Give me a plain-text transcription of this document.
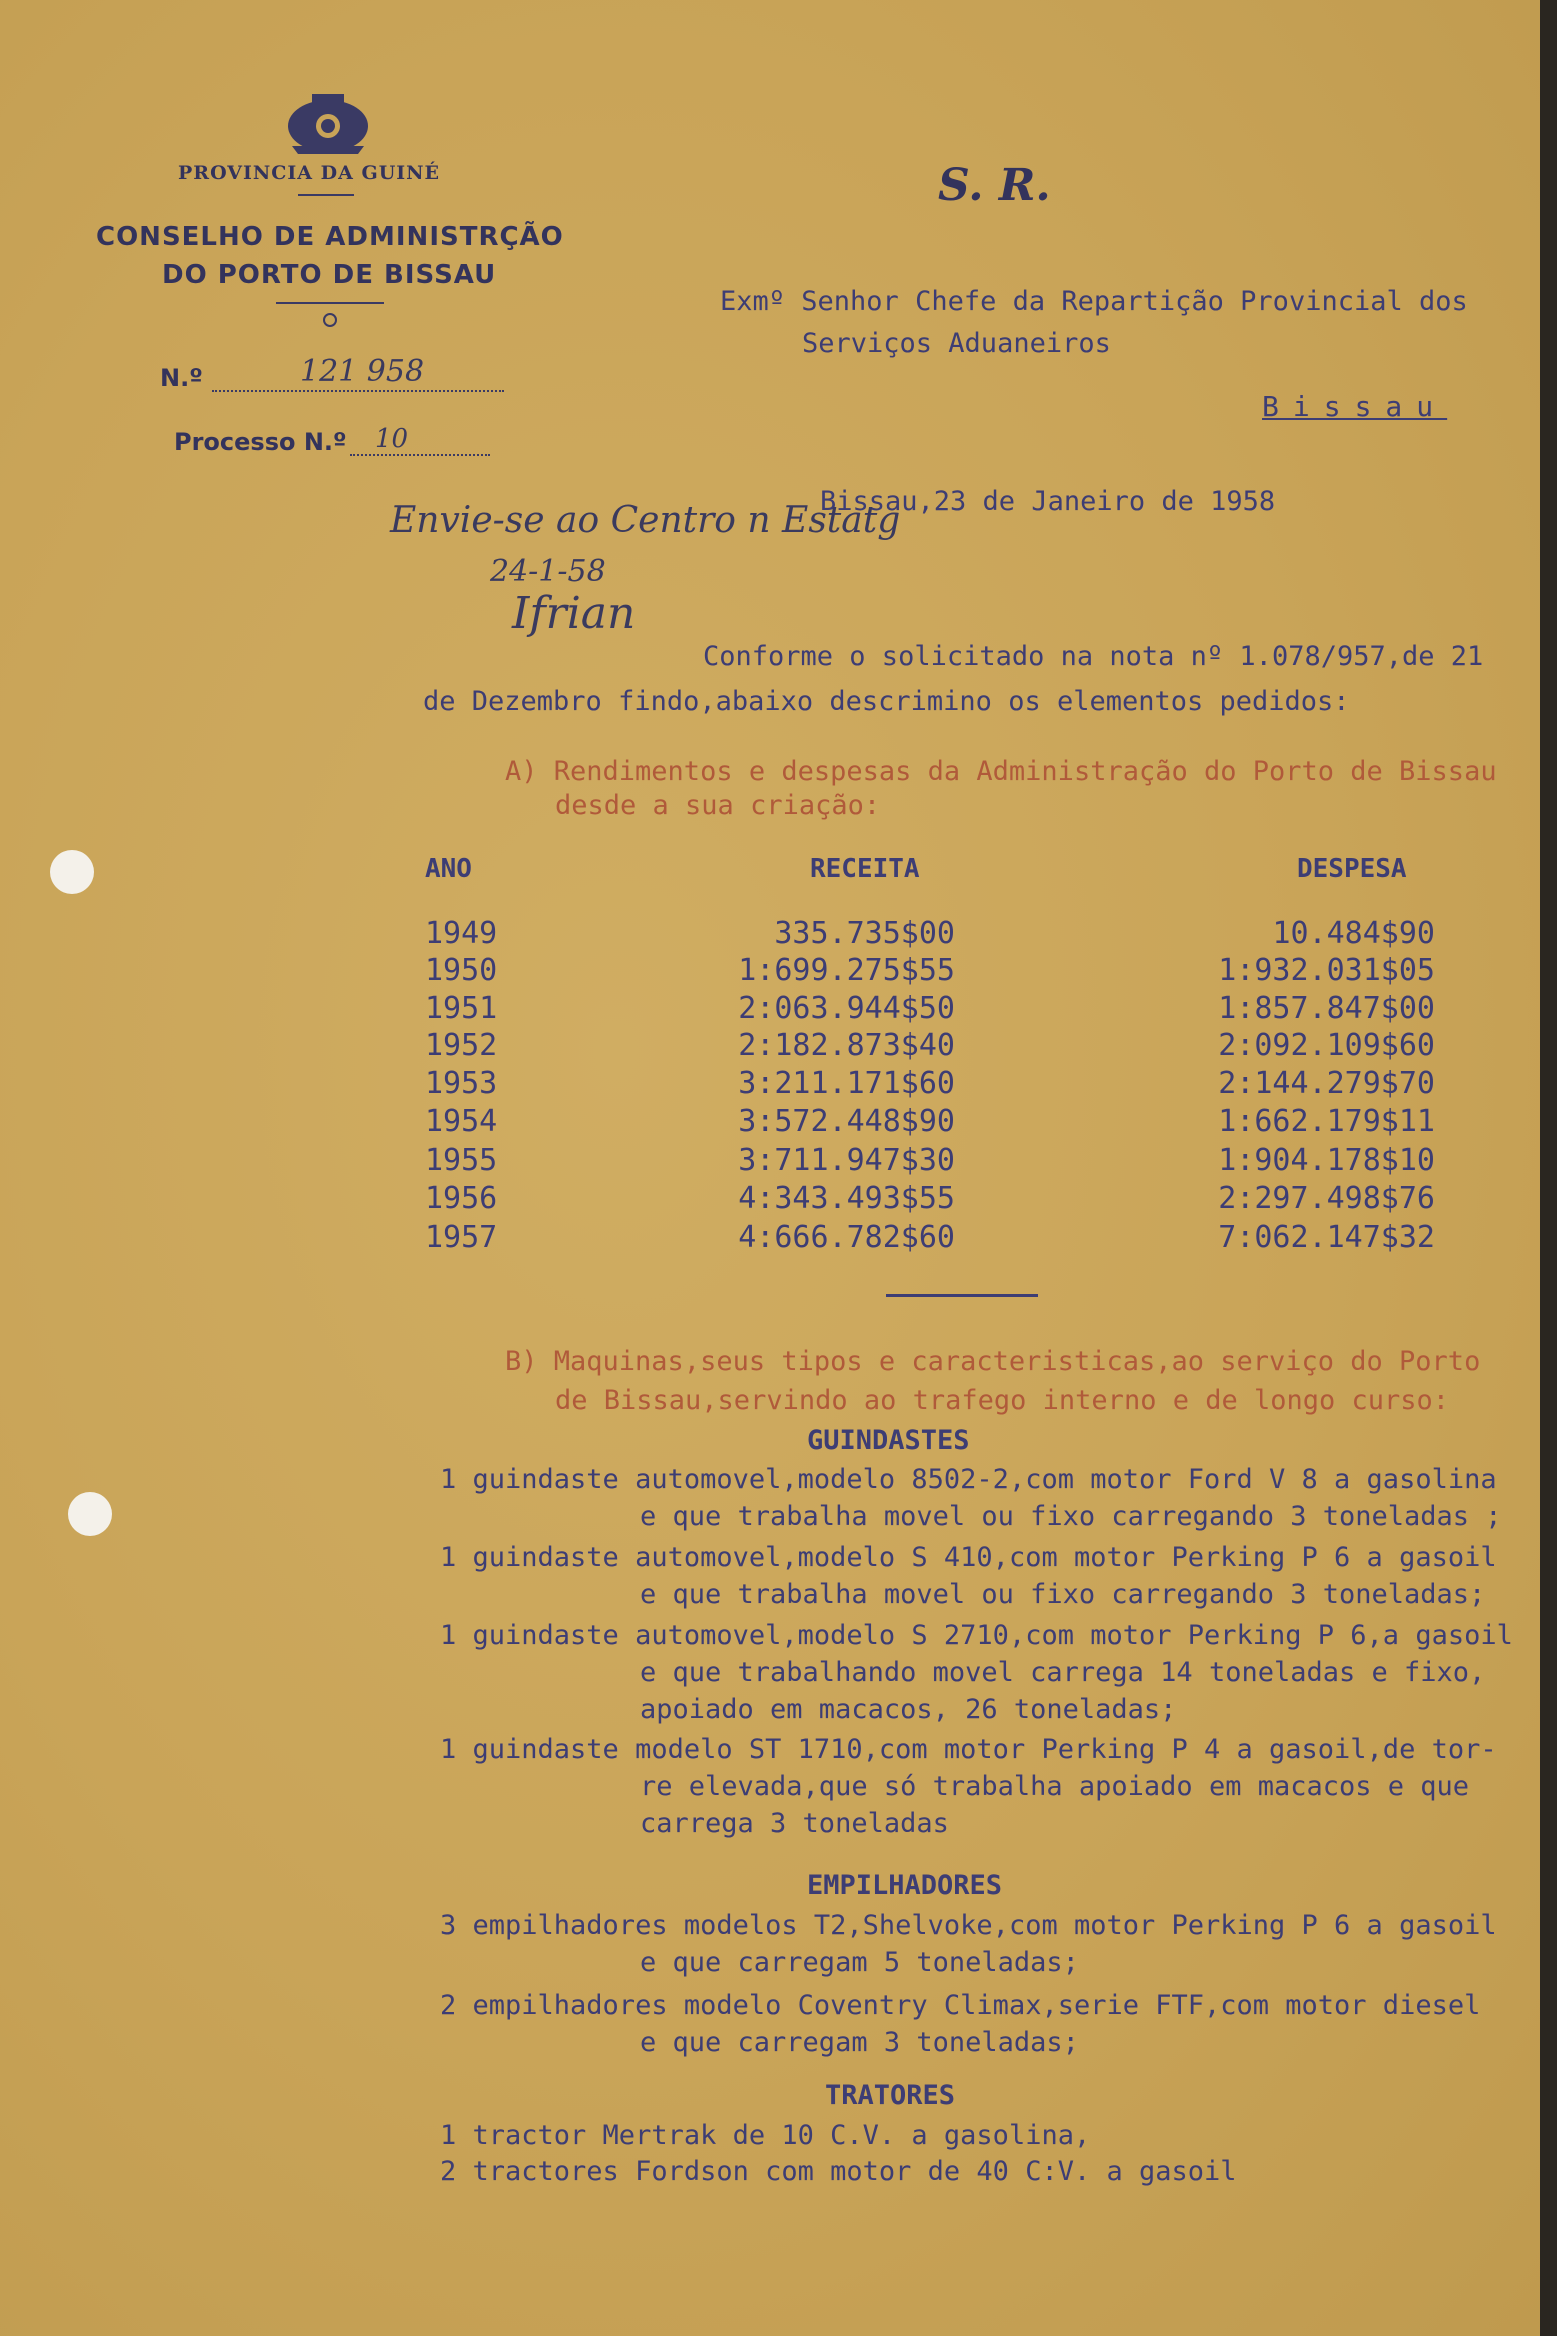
PROVINCIA DA GUINÉ
CONSELHO DE ADMINISTRÇÃO
DO PORTO DE BISSAU
N.º	121 958
Processo N.º 10
S. R.
Exmº Senhor Chefe da Repartição Provincial dos
Serviços Aduaneiros
Bissau
Bissau,23 de Janeiro de 1958
Envie-se ao Centro n Estatg
24-1-58
Ifrian
Conforme o solicitado na nota nº 1.078/957,de 21
de Dezembro findo,abaixo descrimino os elementos pedidos:
A) Rendimentos e despesas da Administração do Porto de Bissau
desde a sua criação:
ANO	RECEITA	DESPESA
1949	335.735$00	10.484$90
1950	1:699.275$55	1:932.031$05
1951	2:063.944$50	1:857.847$00
1952	2:182.873$40	2:092.109$60
1953	3:211.171$60	2:144.279$70
1954	3:572.448$90	1:662.179$11
1955	3:711.947$30	1:904.178$10
1956	4:343.493$55	2:297.498$76
1957	4:666.782$60	7:062.147$32
B) Maquinas,seus tipos e caracteristicas,ao serviço do Porto
de Bissau,servindo ao trafego interno e de longo curso:
GUINDASTES
1 guindaste automovel,modelo 8502-2,com motor Ford V 8 a gasolina
e que trabalha movel ou fixo carregando 3 toneladas ;
1 guindaste automovel,modelo S 410,com motor Perking P 6 a gasoil
e que trabalha movel ou fixo carregando 3 toneladas;
1 guindaste automovel,modelo S 2710,com motor Perking P 6,a gasoil
e que trabalhando movel carrega 14 toneladas e fixo,
apoiado em macacos, 26 toneladas;
1 guindaste modelo ST 1710,com motor Perking P 4 a gasoil,de tor-
re elevada,que só trabalha apoiado em macacos e que
carrega 3 toneladas
EMPILHADORES
3 empilhadores modelos T2,Shelvoke,com motor Perking P 6 a gasoil
e que carregam 5 toneladas;
2 empilhadores modelo Coventry Climax,serie FTF,com motor diesel
e que carregam 3 toneladas;
TRATORES
1 tractor Mertrak de 10 C.V. a gasolina,
2 tractores Fordson com motor de 40 C:V. a gasoil
